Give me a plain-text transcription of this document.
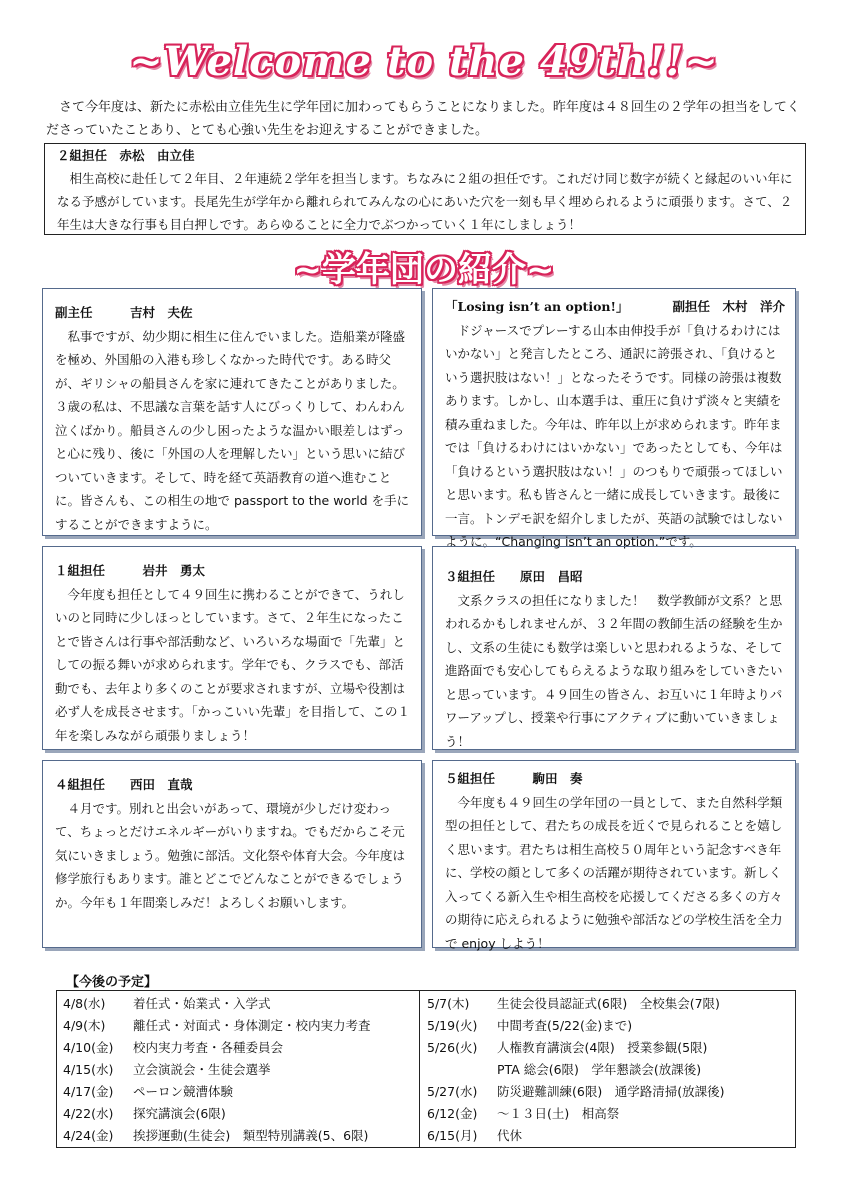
~Welcome to the 49th!!~
さて今年度は、新たに赤松由立佳先生に学年団に加わってもらうことになりました。昨年度は４８回生の２学年の担当をしてくださっていたことあり、とても心強い先生をお迎えすることができました。
２組担任　赤松　由立佳
相生高校に赴任して２年目、２年連続２学年を担当します。ちなみに２組の担任です。これだけ同じ数字が続くと縁起のいい年になる予感がしています。長尾先生が学年から離れられてみんなの心にあいた穴を一刻も早く埋められるように頑張ります。さて、２年生は大きな行事も目白押しです。あらゆることに全力でぶつかっていく１年にしましょう！
~学年団の紹介~
副主任　　　吉村　夫佐
私事ですが、幼少期に相生に住んでいました。造船業が隆盛を極め、外国船の入港も珍しくなかった時代です。ある時父が、ギリシャの船員さんを家に連れてきたことがありました。３歳の私は、不思議な言葉を話す人にびっくりして、わんわん泣くばかり。船員さんの少し困ったような温かい眼差しはずっと心に残り、後に「外国の人を理解したい」という思いに結びついていきます。そして、時を経て英語教育の道へ進むことに。皆さんも、この相生の地で passport to the world を手にすることができますように。
「Losing isn’t an option!」	副担任　木村　洋介
ドジャースでプレーする山本由伸投手が「負けるわけにはいかない」と発言したところ、通訳に誇張され、「負けるという選択肢はない！」となったそうです。同様の誇張は複数あります。しかし、山本選手は、重圧に負けず淡々と実績を積み重ねました。今年は、昨年以上が求められます。昨年までは「負けるわけにはいかない」であったとしても、今年は「負けるという選択肢はない！」のつもりで頑張ってほしいと思います。私も皆さんと一緒に成長していきます。最後に一言。トンデモ訳を紹介しましたが、英語の試験ではしないように。“Changing isn’t an option.”です。
１組担任　　　岩井　勇太
今年度も担任として４９回生に携わることができて、うれしいのと同時に少しほっとしています。さて、２年生になったことで皆さんは行事や部活動など、いろいろな場面で「先輩」としての振る舞いが求められます。学年でも、クラスでも、部活動でも、去年より多くのことが要求されますが、立場や役割は必ず人を成長させます。「かっこいい先輩」を目指して、この１年を楽しみながら頑張りましょう！
３組担任　　原田　昌昭
文系クラスの担任になりました！　数学教師が文系？と思われるかもしれませんが、３２年間の教師生活の経験を生かし、文系の生徒にも数学は楽しいと思われるような、そして進路面でも安心してもらえるような取り組みをしていきたいと思っています。４９回生の皆さん、お互いに１年時よりパワーアップし、授業や行事にアクティブに動いていきましょう！
４組担任　　西田　直哉
４月です。別れと出会いがあって、環境が少しだけ変わって、ちょっとだけエネルギーがいりますね。でもだからこそ元気にいきましょう。勉強に部活。文化祭や体育大会。今年度は修学旅行もあります。誰とどこでどんなことができるでしょうか。今年も１年間楽しみだ！よろしくお願いします。
５組担任　　　駒田　奏
今年度も４９回生の学年団の一員として、また自然科学類型の担任として、君たちの成長を近くで見られることを嬉しく思います。君たちは相生高校５０周年という記念すべき年に、学校の顔として多くの活躍が期待されています。新しく入ってくる新入生や相生高校を応援してくださる多くの方々の期待に応えられるように勉強や部活などの学校生活を全力で enjoy しよう！
【今後の予定】
4/8(水) 着任式・始業式・入学式
4/9(木) 離任式・対面式・身体測定・校内実力考査
4/10(金) 校内実力考査・各種委員会
4/15(水) 立会演説会・生徒会選挙
4/17(金) ペーロン競漕体験
4/22(水) 探究講演会(6限)
4/24(金) 挨拶運動(生徒会)　類型特別講義(5、6限)
5/7(木) 生徒会役員認証式(6限)　全校集会(7限)
5/19(火) 中間考査(5/22(金)まで)
5/26(火) 人権教育講演会(4限)　授業参観(5限)
PTA 総会(6限)　学年懇談会(放課後)
5/27(水) 防災避難訓練(6限)　通学路清掃(放課後)
6/12(金) ～１３日(土)　相高祭
6/15(月) 代休
